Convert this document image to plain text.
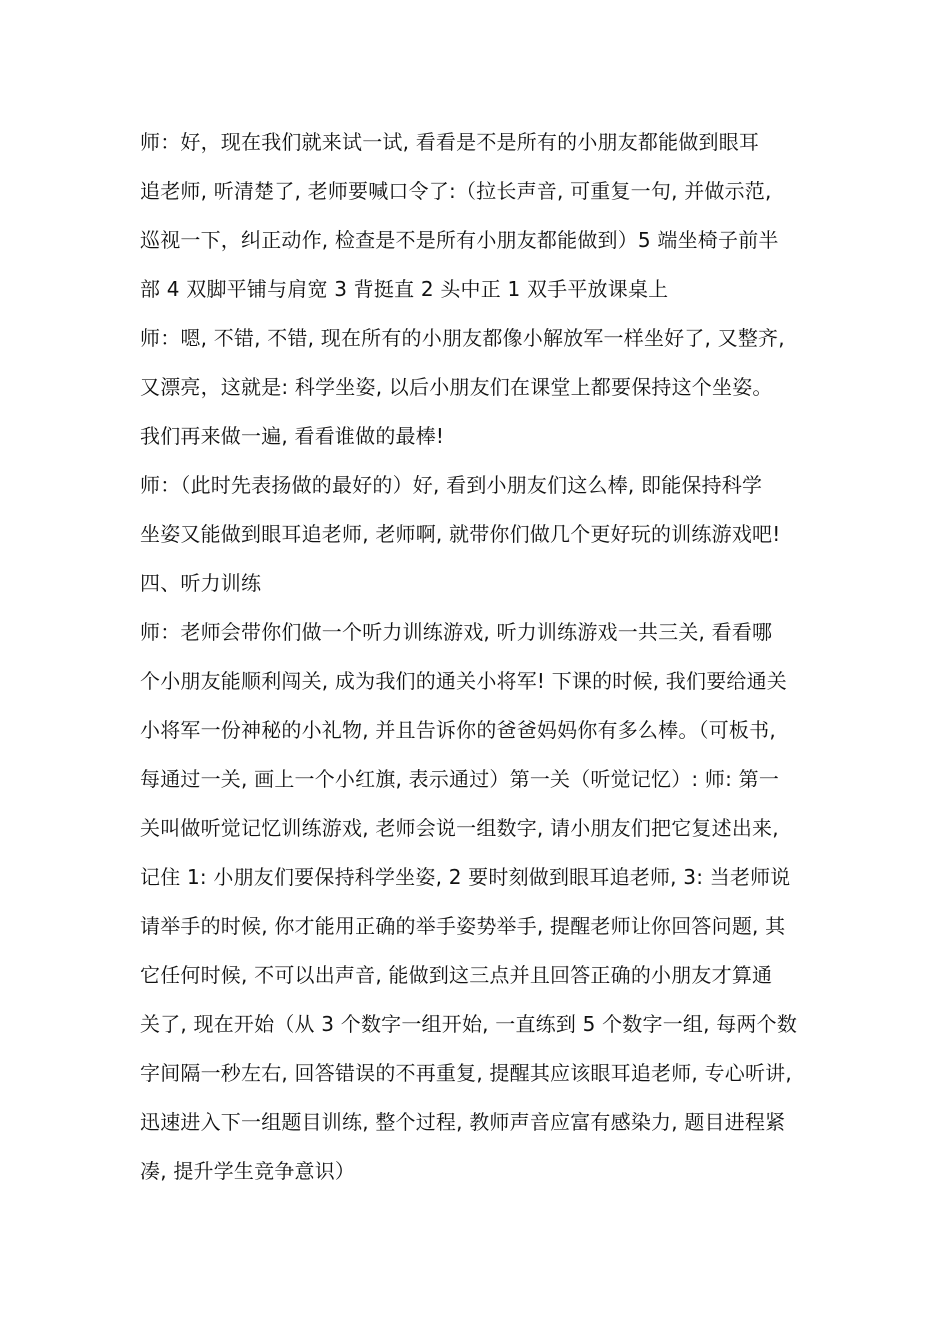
师：好，现在我们就来试一试, 看看是不是所有的小朋友都能做到眼耳
追老师, 听清楚了, 老师要喊口令了:（拉长声音, 可重复一句, 并做示范,
巡视一下，纠正动作, 检查是不是所有小朋友都能做到）5 端坐椅子前半
部 4 双脚平铺与肩宽 3 背挺直 2 头中正 1 双手平放课桌上
师：嗯, 不错, 不错, 现在所有的小朋友都像小解放军一样坐好了, 又整齐,
又漂亮，这就是: 科学坐姿, 以后小朋友们在课堂上都要保持这个坐姿。
我们再来做一遍, 看看谁做的最棒!
师：（此时先表扬做的最好的）好, 看到小朋友们这么棒, 即能保持科学
坐姿又能做到眼耳追老师, 老师啊, 就带你们做几个更好玩的训练游戏吧!
四、听力训练
师：老师会带你们做一个听力训练游戏, 听力训练游戏一共三关, 看看哪
个小朋友能顺利闯关, 成为我们的通关小将军! 下课的时候, 我们要给通关
小将军一份神秘的小礼物, 并且告诉你的爸爸妈妈你有多么棒。（可板书,
每通过一关, 画上一个小红旗, 表示通过）第一关（听觉记忆）: 师: 第一
关叫做听觉记忆训练游戏, 老师会说一组数字, 请小朋友们把它复述出来,
记住 1: 小朋友们要保持科学坐姿, 2 要时刻做到眼耳追老师, 3: 当老师说
请举手的时候, 你才能用正确的举手姿势举手, 提醒老师让你回答问题, 其
它任何时候, 不可以出声音, 能做到这三点并且回答正确的小朋友才算通
关了, 现在开始（从 3 个数字一组开始, 一直练到 5 个数字一组, 每两个数
字间隔一秒左右, 回答错误的不再重复, 提醒其应该眼耳追老师, 专心听讲,
迅速进入下一组题目训练, 整个过程, 教师声音应富有感染力, 题目进程紧
凑, 提升学生竞争意识）
